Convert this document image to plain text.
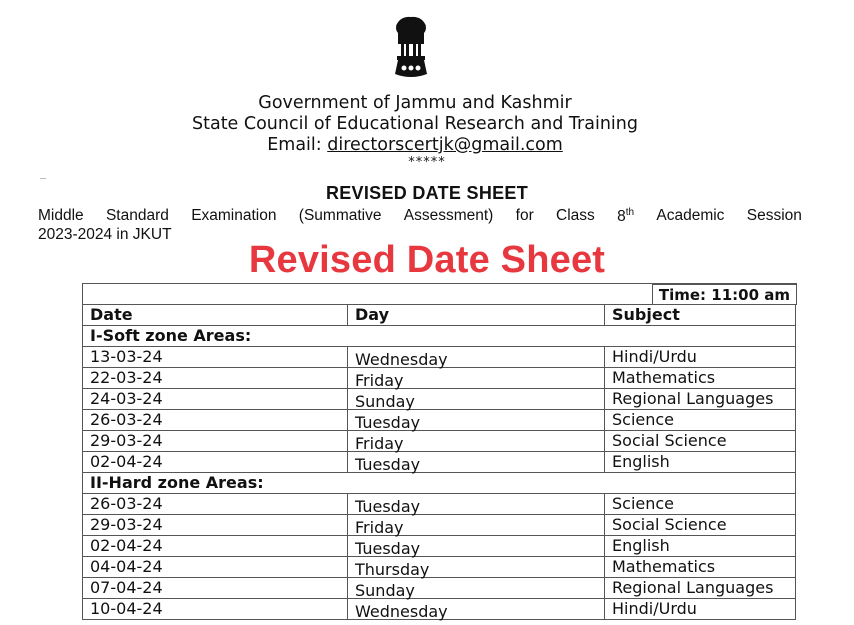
Government of Jammu and Kashmir
State Council of Educational Research and Training
Email: directorscertjk@gmail.com
*****
REVISED DATE SHEET
Middle Standard Examination (Summative Assessment) for Class 8th Academic Session
2023-2024 in JKUT
Revised Date Sheet
Time: 11:00 am
Date	Day	Subject
I-Soft zone Areas:		
13-03-24	Wednesday	Hindi/Urdu
22-03-24	Friday	Mathematics
24-03-24	Sunday	Regional Languages
26-03-24	Tuesday	Science
29-03-24	Friday	Social Science
02-04-24	Tuesday	English
II-Hard zone Areas:		
26-03-24	Tuesday	Science
29-03-24	Friday	Social Science
02-04-24	Tuesday	English
04-04-24	Thursday	Mathematics
07-04-24	Sunday	Regional Languages
10-04-24	Wednesday	Hindi/Urdu
